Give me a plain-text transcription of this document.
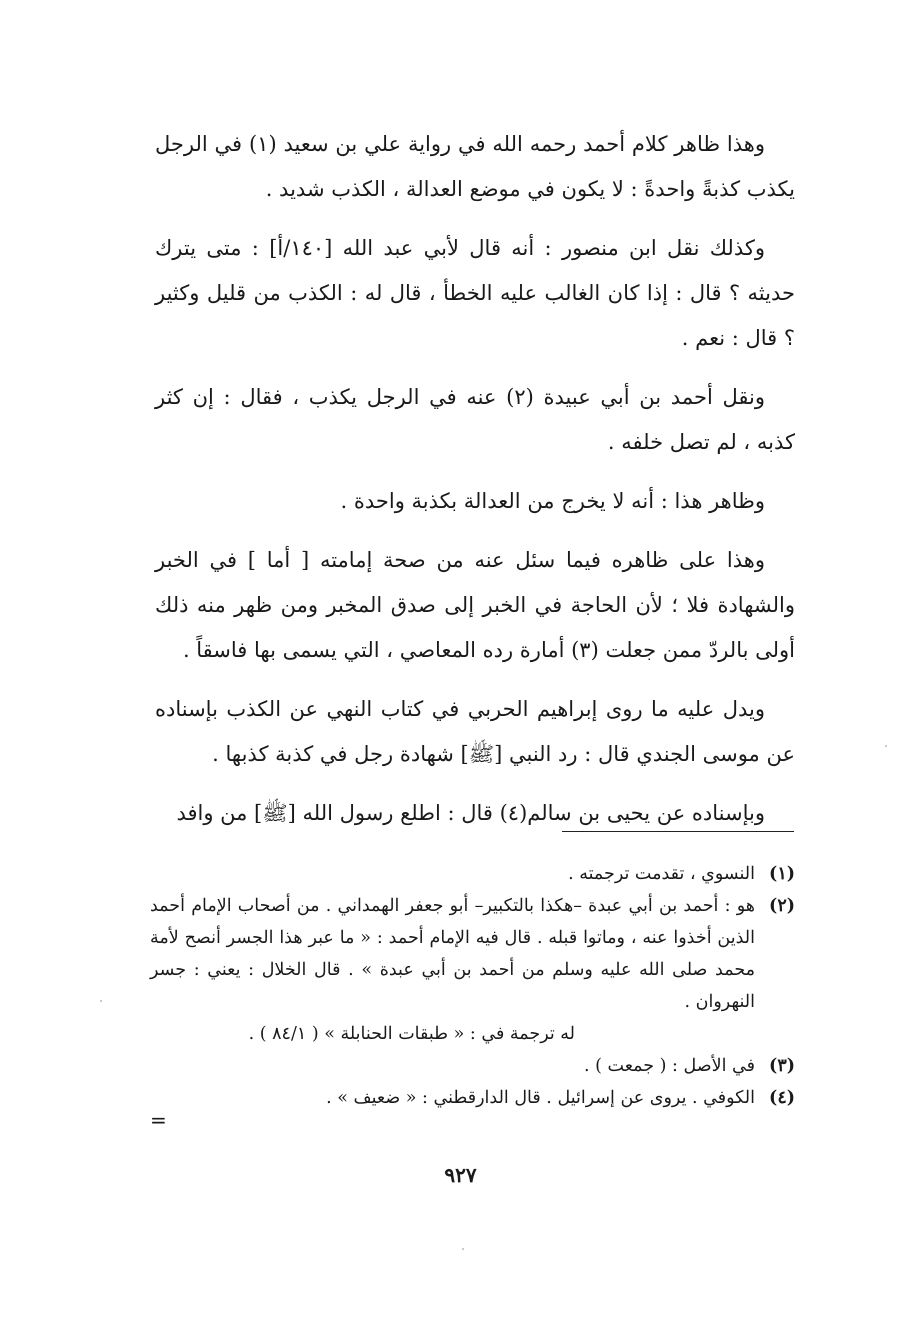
وهذا ظاهر كلام أحمد رحمه الله في رواية علي بن سعيد (١) في الرجل يكذب كذبةً واحدةً : لا يكون في موضع العدالة ، الكذب شديد .

وكذلك نقل ابن منصور : أنه قال لأبي عبد الله [١٤٠/أ] : متى يترك حديثه ؟ قال : إذا كان الغالب عليه الخطأ ، قال له : الكذب من قليل وكثير ؟ قال : نعم .

ونقل أحمد بن أبي عبيدة (٢) عنه في الرجل يكذب ، فقال : إن كثر كذبه ، لم تصل خلفه .

وظاهر هذا : أنه لا يخرج من العدالة بكذبة واحدة .

وهذا على ظاهره فيما سئل عنه من صحة إمامته [ أما ] في الخبر والشهادة فلا ؛ لأن الحاجة في الخبر إلى صدق المخبر ومن ظهر منه ذلك أولى بالردّ ممن جعلت (٣) أمارة رده المعاصي ، التي يسمى بها فاسقاً .

ويدل عليه ما روى إبراهيم الحربي في كتاب النهي عن الكذب بإسناده عن موسى الجندي قال : رد النبي [ﷺ] شهادة رجل في كذبة كذبها .

وبإسناده عن يحيى بن سالم(٤) قال : اطلع رسول الله [ﷺ] من وافد

(١)
النسوي ، تقدمت ترجمته .
(٢)
هو : أحمد بن أبي عبدة –هكذا بالتكبير– أبو جعفر الهمداني . من أصحاب الإمام أحمد الذين أخذوا عنه ، وماتوا قبله . قال فيه الإمام أحمد : « ما عبر هذا الجسر أنصح لأمة محمد صلى الله عليه وسلم من أحمد بن أبي عبدة » . قال الخلال : يعني : جسر النهروان .
له ترجمة في : « طبقات الحنابلة » ( ٨٤/١ ) .
(٣)
في الأصل : ( جمعت ) .
(٤)
الكوفي . يروى عن إسرائيل . قال الدارقطني : « ضعيف » .
=
٩٢٧
